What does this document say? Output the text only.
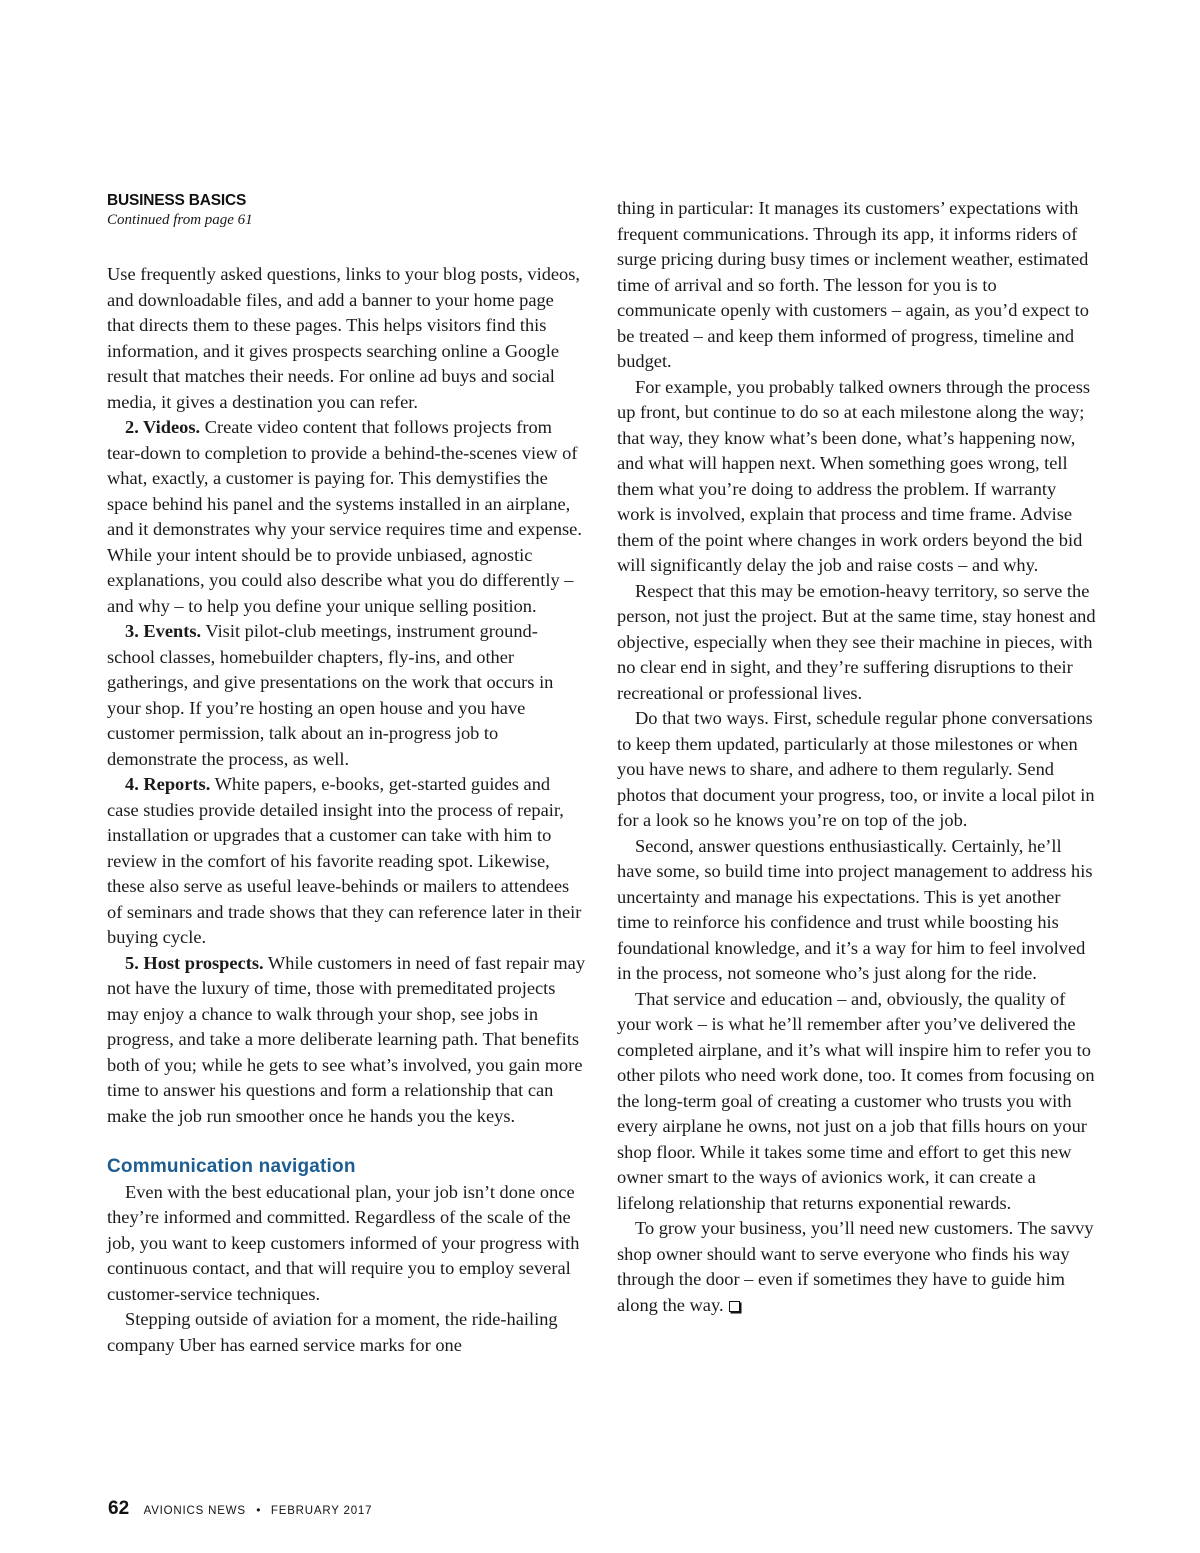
BUSINESS BASICS
Continued from page 61

Use frequently asked questions, links to your blog posts, videos, and downloadable files, and add a banner to your home page that directs them to these pages. This helps visitors find this information, and it gives prospects searching online a Google result that matches their needs. For online ad buys and social media, it gives a destination you can refer.

2. Videos. Create video content that follows projects from tear-down to completion to provide a behind-the-scenes view of what, exactly, a customer is paying for. This demystifies the space behind his panel and the systems installed in an airplane, and it demonstrates why your service requires time and expense. While your intent should be to provide unbiased, agnostic explanations, you could also describe what you do differently – and why – to help you define your unique selling position.

3. Events. Visit pilot-club meetings, instrument ground-school classes, homebuilder chapters, fly-ins, and other gatherings, and give presentations on the work that occurs in your shop. If you’re hosting an open house and you have customer permission, talk about an in-progress job to demonstrate the process, as well.

4. Reports. White papers, e-books, get-started guides and case studies provide detailed insight into the process of repair, installation or upgrades that a customer can take with him to review in the comfort of his favorite reading spot. Likewise, these also serve as useful leave-behinds or mailers to attendees of seminars and trade shows that they can reference later in their buying cycle.

5. Host prospects. While customers in need of fast repair may not have the luxury of time, those with premeditated projects may enjoy a chance to walk through your shop, see jobs in progress, and take a more deliberate learning path. That benefits both of you; while he gets to see what’s involved, you gain more time to answer his questions and form a relationship that can make the job run smoother once he hands you the keys.

Communication navigation

Even with the best educational plan, your job isn’t done once they’re informed and committed. Regardless of the scale of the job, you want to keep customers informed of your progress with continuous contact, and that will require you to employ several customer-service techniques.

Stepping outside of aviation for a moment, the ride-hailing company Uber has earned service marks for one

thing in particular: It manages its customers’ expectations with frequent communications. Through its app, it informs riders of surge pricing during busy times or inclement weather, estimated time of arrival and so forth. The lesson for you is to communicate openly with customers – again, as you’d expect to be treated – and keep them informed of progress, timeline and budget.

For example, you probably talked owners through the process up front, but continue to do so at each milestone along the way; that way, they know what’s been done, what’s happening now, and what will happen next. When something goes wrong, tell them what you’re doing to address the problem. If warranty work is involved, explain that process and time frame. Advise them of the point where changes in work orders beyond the bid will significantly delay the job and raise costs – and why.

Respect that this may be emotion-heavy territory, so serve the person, not just the project. But at the same time, stay honest and objective, especially when they see their machine in pieces, with no clear end in sight, and they’re suffering disruptions to their recreational or professional lives.

Do that two ways. First, schedule regular phone conversations to keep them updated, particularly at those milestones or when you have news to share, and adhere to them regularly. Send photos that document your progress, too, or invite a local pilot in for a look so he knows you’re on top of the job.

Second, answer questions enthusiastically. Certainly, he’ll have some, so build time into project management to address his uncertainty and manage his expectations. This is yet another time to reinforce his confidence and trust while boosting his foundational knowledge, and it’s a way for him to feel involved in the process, not someone who’s just along for the ride.

That service and education – and, obviously, the quality of your work – is what he’ll remember after you’ve delivered the completed airplane, and it’s what will inspire him to refer you to other pilots who need work done, too. It comes from focusing on the long-term goal of creating a customer who trusts you with every airplane he owns, not just on a job that fills hours on your shop floor. While it takes some time and effort to get this new owner smart to the ways of avionics work, it can create a lifelong relationship that returns exponential rewards.

To grow your business, you’ll need new customers. The savvy shop owner should want to serve everyone who finds his way through the door – even if sometimes they have to guide him along the way.

62 AVIONICS NEWS • FEBRUARY 2017
